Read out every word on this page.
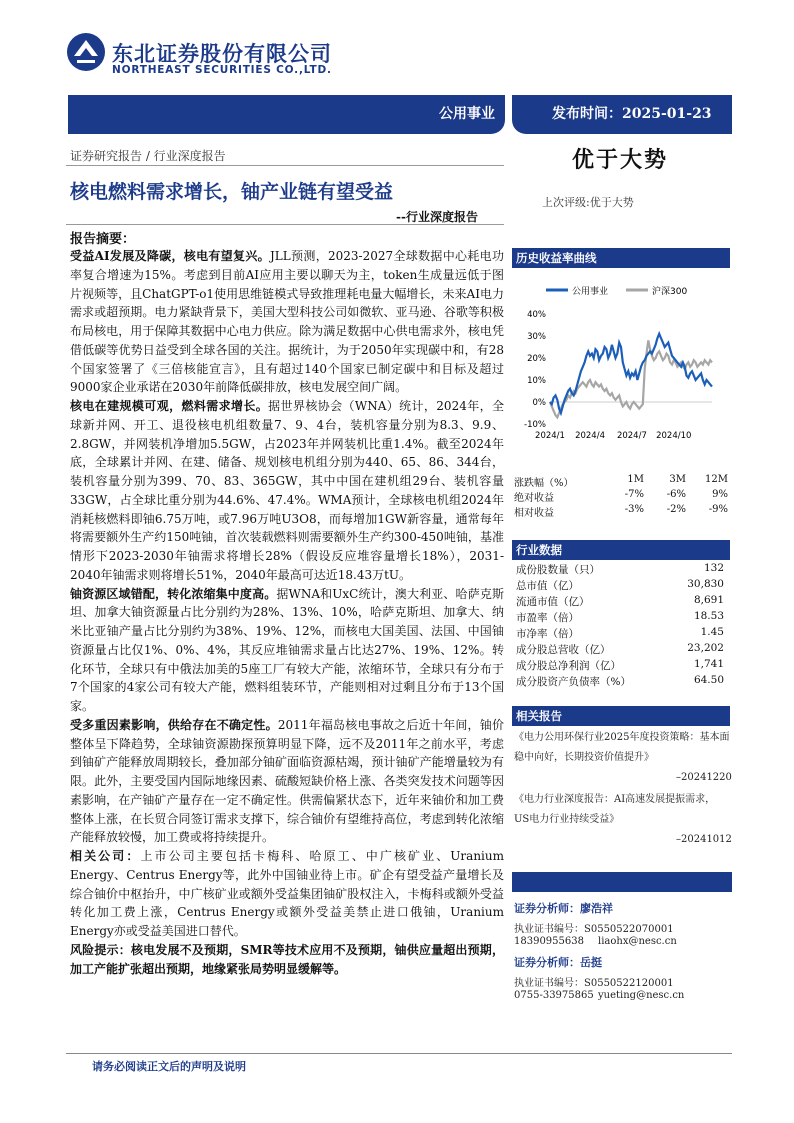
东北证券股份有限公司
NORTHEAST SECURITIES CO.,LTD.
公用事业	发布时间：2025-01-23
证券研究报告 / 行业深度报告	优于大势
上次评级:优于大势
核电燃料需求增长，铀产业链有望受益
--行业深度报告
报告摘要：

受益AI发展及降碳，核电有望复兴。JLL预测，2023-2027全球数据中心耗电功率复合增速为15%。考虑到目前AI应用主要以聊天为主，token生成量远低于图片视频等，且ChatGPT-o1使用思维链模式导致推理耗电量大幅增长，未来AI电力需求或超预期。电力紧缺背景下，美国大型科技公司如微软、亚马逊、谷歌等积极布局核电，用于保障其数据中心电力供应。除为满足数据中心供电需求外，核电凭借低碳等优势日益受到全球各国的关注。据统计，为于2050年实现碳中和，有28个国家签署了《三倍核能宣言》，且有超过140个国家已制定碳中和目标及超过9000家企业承诺在2030年前降低碳排放，核电发展空间广阔。

核电在建规模可观，燃料需求增长。据世界核协会（WNA）统计，2024年，全球新并网、开工、退役核电机组数量7、9、4台，装机容量分别为8.3、9.9、2.8GW，并网装机净增加5.5GW，占2023年并网装机比重1.4%。截至2024年底，全球累计并网、在建、储备、规划核电机组分别为440、65、86、344台，装机容量分别为399、70、83、365GW，其中中国在建机组29台、装机容量33GW，占全球比重分别为44.6%、47.4%。WMA预计，全球核电机组2024年消耗核燃料即铀6.75万吨，或7.96万吨U3O8，而每增加1GW新容量，通常每年将需要额外生产约150吨铀，首次装载燃料则需要额外生产约300-450吨铀，基准情形下2023-2030年铀需求将增长28%（假设反应堆容量增长18%），2031-2040年铀需求则将增长51%，2040年最高可达近18.43万tU。

铀资源区域错配，转化浓缩集中度高。据WNA和UxC统计，澳大利亚、哈萨克斯坦、加拿大铀资源量占比分别约为28%、13%、10%，哈萨克斯坦、加拿大、纳米比亚铀产量占比分别约为38%、19%、12%，而核电大国美国、法国、中国铀资源量占比仅1%、0%、4%，其反应堆铀需求量占比达27%、19%、12%。转化环节，全球只有中俄法加美的5座工厂有较大产能，浓缩环节，全球只有分布于7个国家的4家公司有较大产能，燃料组装环节，产能则相对过剩且分布于13个国家。

受多重因素影响，供给存在不确定性。2011年福岛核电事故之后近十年间，铀价整体呈下降趋势，全球铀资源勘探预算明显下降，远不及2011年之前水平，考虑到铀矿产能释放周期较长，叠加部分铀矿面临资源枯竭，预计铀矿产能增量较为有限。此外，主要受国内国际地缘因素、硫酸短缺价格上涨、各类突发技术问题等因素影响，在产铀矿产量存在一定不确定性。供需偏紧状态下，近年来铀价和加工费整体上涨，在长贸合同签订需求支撑下，综合铀价有望维持高位，考虑到转化浓缩产能释放较慢，加工费或将持续提升。

相关公司：上市公司主要包括卡梅科、哈原工、中广核矿业、Uranium Energy、Centrus Energy等，此外中国铀业待上市。矿企有望受益产量增长及综合铀价中枢抬升，中广核矿业或额外受益集团铀矿股权注入，卡梅科或额外受益转化加工费上涨，Centrus Energy或额外受益美禁止进口俄铀，Uranium Energy亦或受益美国进口替代。

风险提示：核电发展不及预期，SMR等技术应用不及预期，铀供应量超出预期，加工产能扩张超出预期，地缘紧张局势明显缓解等。

历史收益率曲线
公用事业	沪深300
40%
30%
20%
10%
0%
-10%
2024/1 2024/4 2024/7 2024/10
涨跌幅（%）	1M	3M	12M
绝对收益	-7%	-6%	9%
相对收益	-3%	-2%	-9%
行业数据
成份股数量（只）	132
总市值（亿）	30,830
流通市值（亿）	8,691
市盈率（倍）	18.53
市净率（倍）	1.45
成分股总营收（亿）	23,202
成分股总净利润（亿）	1,741
成分股资产负债率（%）	64.50
相关报告
《电力公用环保行业2025年度投资策略：基本面稳中向好，长期投资价值提升》
–20241220
《电力行业深度报告：AI高速发展提振需求，US电力行业持续受益》
–20241012
证券分析师：廖浩祥
执业证书编号：S0550522070001
18390955638 liaohx@nesc.cn
证券分析师：岳挺
执业证书编号：S0550522120001
0755-33975865 yueting@nesc.cn
请务必阅读正文后的声明及说明
